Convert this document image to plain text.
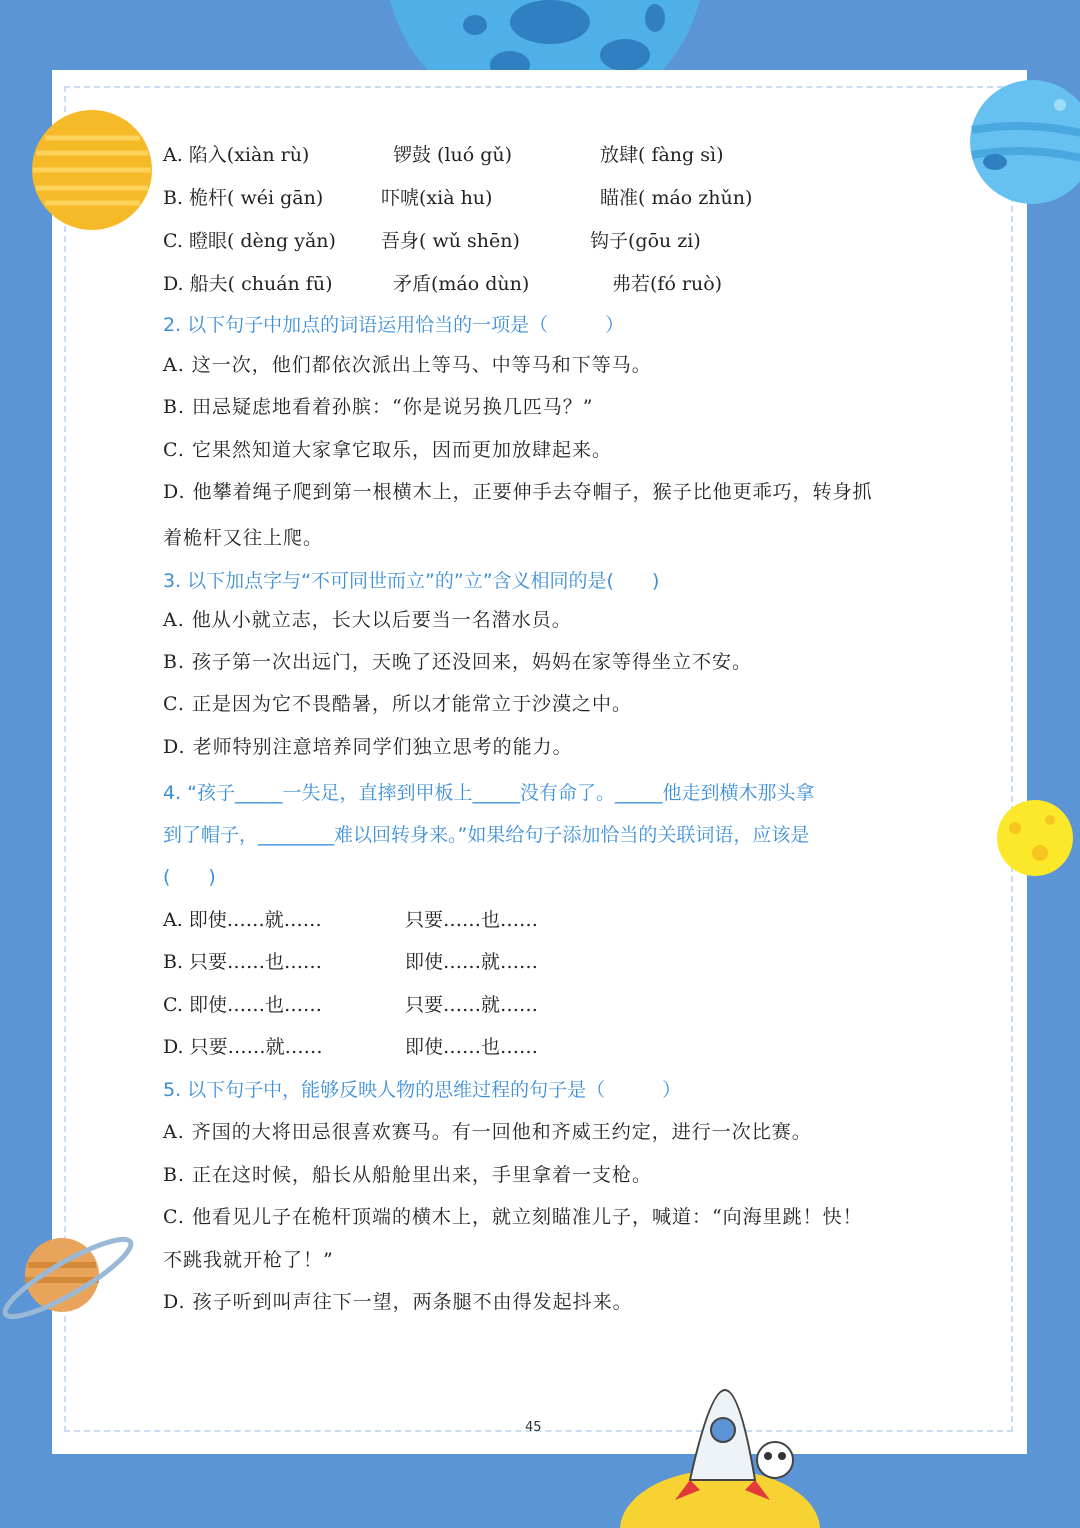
A. 陷入(xiàn rù)	锣鼓 (luó gǔ)	放肆( fàng sì)
B. 桅杆( wéi gān)	吓唬(xià hu)	瞄准( máo zhǔn)
C. 瞪眼( dèng yǎn) 吾身( wǔ shēn)	钩子(gōu zi)
D. 船夫( chuán fū)	矛盾(máo dùn)	弗若(fó ruò)
2. 以下句子中加点的词语运用恰当的一项是（　　　）
A. 这一次，他们都依次派出上等马、中等马和下等马。
B. 田忌疑虑地看着孙膑：“你是说另换几匹马？”
C. 它果然知道大家拿它取乐，因而更加放肆起来。
D. 他攀着绳子爬到第一根横木上，正要伸手去夺帽子，猴子比他更乖巧，转身抓
着桅杆又往上爬。
3. 以下加点字与“不可同世而立”的”立”含义相同的是(　　)
A. 他从小就立志，长大以后要当一名潜水员。
B. 孩子第一次出远门，天晚了还没回来，妈妈在家等得坐立不安。
C. 正是因为它不畏酷暑，所以才能常立于沙漠之中。
D. 老师特别注意培养同学们独立思考的能力。
4. “孩子_____一失足，直摔到甲板上_____没有命了。_____他走到横木那头拿
到了帽子，________难以回转身来。”如果给句子添加恰当的关联词语，应该是
(　　)
A. 即使……就……	只要……也……
B. 只要……也……	即使……就……
C. 即使……也……	只要……就……
D. 只要……就……	即使……也……
5. 以下句子中，能够反映人物的思维过程的句子是（　　　）
A. 齐国的大将田忌很喜欢赛马。有一回他和齐威王约定，进行一次比赛。
B. 正在这时候，船长从船舱里出来，手里拿着一支枪。
C. 他看见儿子在桅杆顶端的横木上，就立刻瞄准儿子，喊道：“向海里跳！快！
不跳我就开枪了！”
D. 孩子听到叫声往下一望，两条腿不由得发起抖来。
45
